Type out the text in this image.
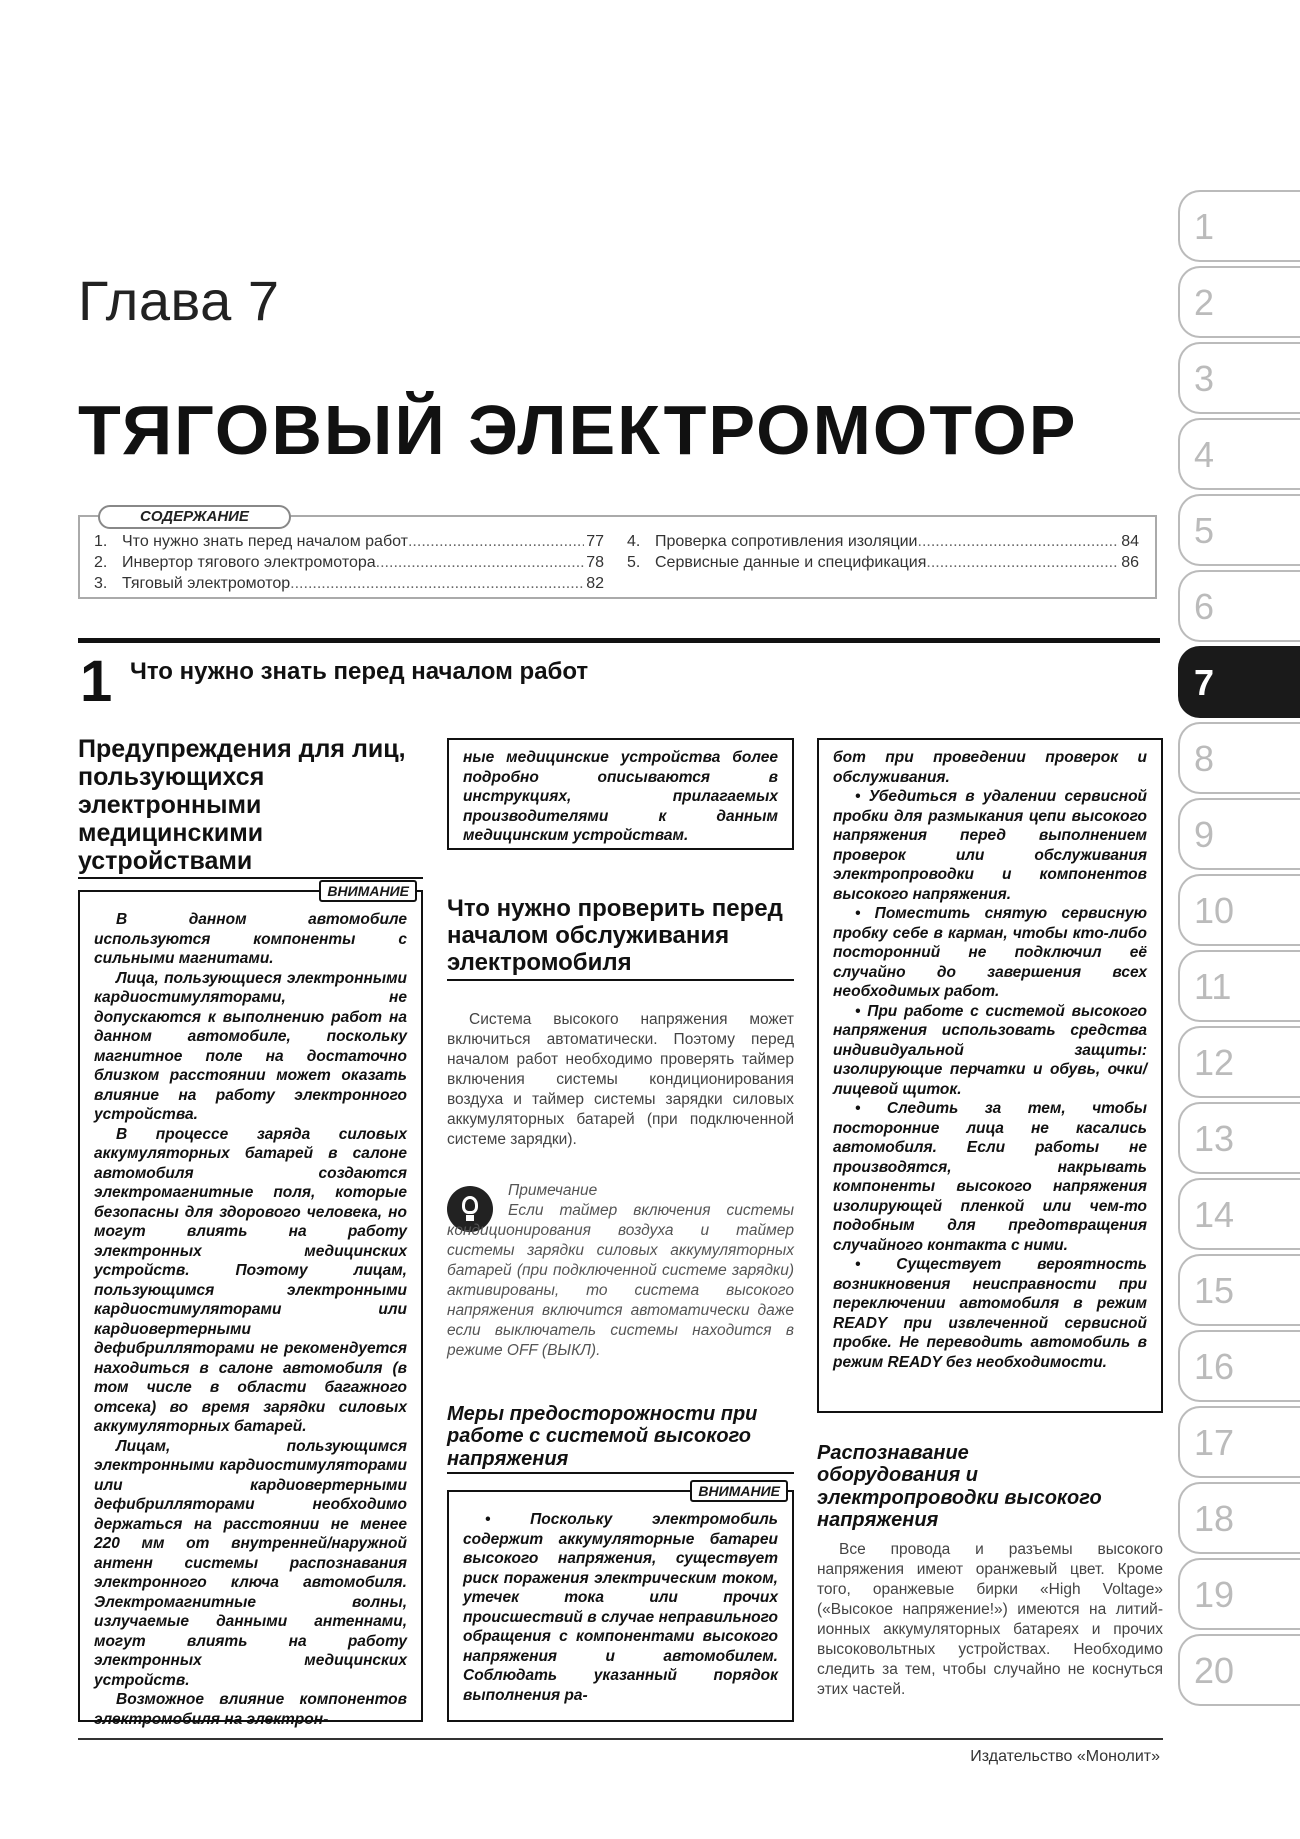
Глава 7
ТЯГОВЫЙ ЭЛЕКТРОМОТОР
СОДЕРЖАНИЕ
1. Что нужно знать перед началом работ .....	77
2. Инвертор тягового электромотора .....	78
3. Тяговый электромотор .....	82
4. Проверка сопротивления изоляции .....	84
5. Сервисные данные и спецификация .....	86
1 Что нужно знать перед началом работ
1
2
3
4
5
6
7
8
9
10
11
12
13
14
15
16
17
18
19
20
Предупреждения для лиц, пользующихся электронными медицинскими устройствами
ВНИМАНИЕ

В данном автомобиле используются компоненты с сильными магнитами.

Лица, пользующиеся электронными кардиостимуляторами, не допускаются к выполнению работ на данном автомобиле, поскольку магнитное поле на достаточно близком расстоянии может оказать влияние на работу электронного устройства.

В процессе заряда силовых аккумуляторных батарей в салоне автомобиля создаются электромагнитные поля, которые безопасны для здорового человека, но могут влиять на работу электронных медицинских устройств. Поэтому лицам, пользующимся электронными кардиостимуляторами или кардиовертерными дефибрилляторами не рекомендуется находиться в салоне автомобиля (в том числе в области багажного отсека) во время зарядки силовых аккумуляторных батарей.

Лицам, пользующимся электронными кардиостимуляторами или кардиовертерными дефибрилляторами необходимо держаться на расстоянии не менее 220 мм от внутренней/наружной антенн системы распознавания электронного ключа автомобиля. Электромагнитные волны, излучаемые данными антеннами, могут влиять на работу электронных медицинских устройств.

Возможное влияние компонентов электромобиля на электрон-

ные медицинские устройства более подробно описываются в инструкциях, прилагаемых производителями к данным медицинским устройствам.

Что нужно проверить перед началом обслуживания электромобиля

Система высокого напряжения может включиться автоматически. Поэтому перед началом работ необходимо проверять таймер включения системы кондиционирования воздуха и таймер системы зарядки силовых аккумуляторных батарей (при подключенной системе зарядки).

Примечание
Если таймер включения системы кондиционирования воздуха и таймер системы зарядки силовых аккумуляторных батарей (при подключенной системе зарядки) активированы, то система высокого напряжения включится автоматически даже если выключатель системы находится в режиме OFF (ВЫКЛ).
Меры предосторожности при работе с системой высокого напряжения
ВНИМАНИЕ

• Поскольку электромобиль содержит аккумуляторные батареи высокого напряжения, существует риск поражения электрическим током, утечек тока или прочих происшествий в случае неправильного обращения с компонентами высокого напряжения и автомобилем. Соблюдать указанный порядок выполнения ра-

бот при проведении проверок и обслуживания.

• Убедиться в удалении сервисной пробки для размыкания цепи высокого напряжения перед выполнением проверок или обслуживания электропроводки и компонентов высокого напряжения.

• Поместить снятую сервисную пробку себе в карман, чтобы кто-либо посторонний не подключил её случайно до завершения всех необходимых работ.

• При работе с системой высокого напряжения использовать средства индивидуальной защиты: изолирующие перчатки и обувь, очки/лицевой щиток.

• Следить за тем, чтобы посторонние лица не касались автомобиля. Если работы не производятся, накрывать компоненты высокого напряжения изолирующей пленкой или чем-то подобным для предотвращения случайного контакта с ними.

• Существует вероятность возникновения неисправности при переключении автомобиля в режим READY при извлеченной сервисной пробке. Не переводить автомобиль в режим READY без необходимости.

Распознавание оборудования и электропроводки высокого напряжения

Все провода и разъемы высокого напряжения имеют оранжевый цвет. Кроме того, оранжевые бирки «High Voltage» («Высокое напряжение!») имеются на литий-ионных аккумуляторных батареях и прочих высоковольтных устройствах. Необходимо следить за тем, чтобы случайно не коснуться этих частей.

Издательство «Монолит»
